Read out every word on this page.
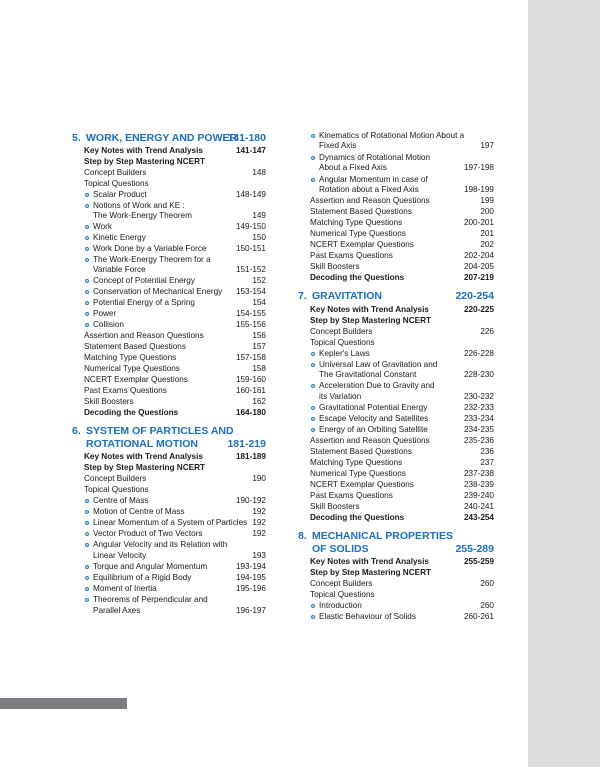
5. WORK, ENERGY AND POWER
141-180
6. SYSTEM OF PARTICLES AND
ROTATIONAL MOTION	181-219
Key Notes with Trend Analysis	141-147
Step by Step Mastering NCERT
Concept Builders	148
Topical Questions
Scalar Product	148-149
Notions of Work and KE :
The Work-Energy Theorem	149
Work	149-150
Kinetic Energy	150
Work Done by a Variable Force	150-151
The Work-Energy Theorem for a
Variable Force	151-152
Concept of Potential Energy	152
Conservation of Mechanical Energy 153-154
Potential Energy of a Spring	154
Power	154-155
Collision	155-156
Assertion and Reason Questions	156
Statement Based Questions	157
Matching Type Questions	157-158
Numerical Type Questions	158
NCERT Exemplar Questions	159-160
Past Exams Questions	160-161
Skill Boosters	162
Decoding the Questions	164-180
Key Notes with Trend Analysis	181-189
Step by Step Mastering NCERT
Concept Builders	190
Topical Questions
Centre of Mass	190-192
Motion of Centre of Mass	192
Linear Momentum of a System of Particles 192
Vector Product of Two Vectors	192
Angular Velocity and its Relation with
Linear Velocity	193
Torque and Angular Momentum	193-194
Equilibrium of a Rigid Body	194-195
Moment of Inertia	195-196
Theorems of Perpendicular and
Parallel Axes	196-197
7. GRAVITATION	220-254
8. MECHANICAL PROPERTIES
OF SOLIDS	255-289
Kinematics of Rotational Motion About a
Fixed Axis	197
Dynamics of Rotational Motion
About a Fixed Axis	197-198
Angular Momentum in case of
Rotation about a Fixed Axis	198-199
Assertion and Reason Questions	199
Statement Based Questions	200
Matching Type Questions	200-201
Numerical Type Questions	201
NCERT Exemplar Questions	202
Past Exams Questions	202-204
Skill Boosters	204-205
Decoding the Questions	207-219
Key Notes with Trend Analysis	220-225
Step by Step Mastering NCERT
Concept Builders	226
Topical Questions
Kepler's Laws	226-228
Universal Law of Gravitation and
The Gravitational Constant	228-230
Acceleration Due to Gravity and
its Variation	230-232
Gravitational Potential Energy	232-233
Escape Velocity and Satellites	233-234
Energy of an Orbiting Satellite	234-235
Assertion and Reason Questions	235-236
Statement Based Questions	236
Matching Type Questions	237
Numerical Type Questions	237-238
NCERT Exemplar Questions	238-239
Past Exams Questions	239-240
Skill Boosters	240-241
Decoding the Questions	243-254
Key Notes with Trend Analysis	255-259
Step by Step Mastering NCERT
Concept Builders	260
Topical Questions
Introduction	260
Elastic Behaviour of Solids	260-261
